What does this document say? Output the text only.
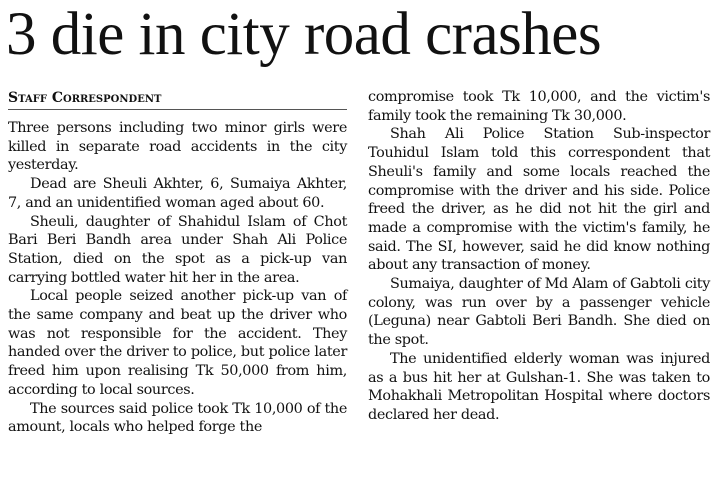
3 die in city road crashes
Staff Correspondent

Three persons including two minor girls were killed in separate road accidents in the city yesterday.

Dead are Sheuli Akhter, 6, Sumaiya Akhter, 7, and an unidentified woman aged about 60.

Sheuli, daughter of Shahidul Islam of Chot Bari Beri Bandh area under Shah Ali Police Station, died on the spot as a pick-up van carrying bottled water hit her in the area.

Local people seized another pick-up van of the same company and beat up the driver who was not responsible for the accident. They handed over the driver to police, but police later freed him upon realising Tk 50,000 from him, according to local sources.

The sources said police took Tk 10,000 of the amount, locals who helped forge the

compromise took Tk 10,000, and the victim's family took the remaining Tk 30,000.

Shah Ali Police Station Sub-inspector Touhidul Islam told this correspondent that Sheuli's family and some locals reached the compromise with the driver and his side. Police freed the driver, as he did not hit the girl and made a compromise with the victim's family, he said. The SI, however, said he did know nothing about any transaction of money.

Sumaiya, daughter of Md Alam of Gabtoli city colony, was run over by a passenger vehicle (Leguna) near Gabtoli Beri Bandh. She died on the spot.

The unidentified elderly woman was injured as a bus hit her at Gulshan-1. She was taken to Mohakhali Metropolitan Hospital where doctors declared her dead.
